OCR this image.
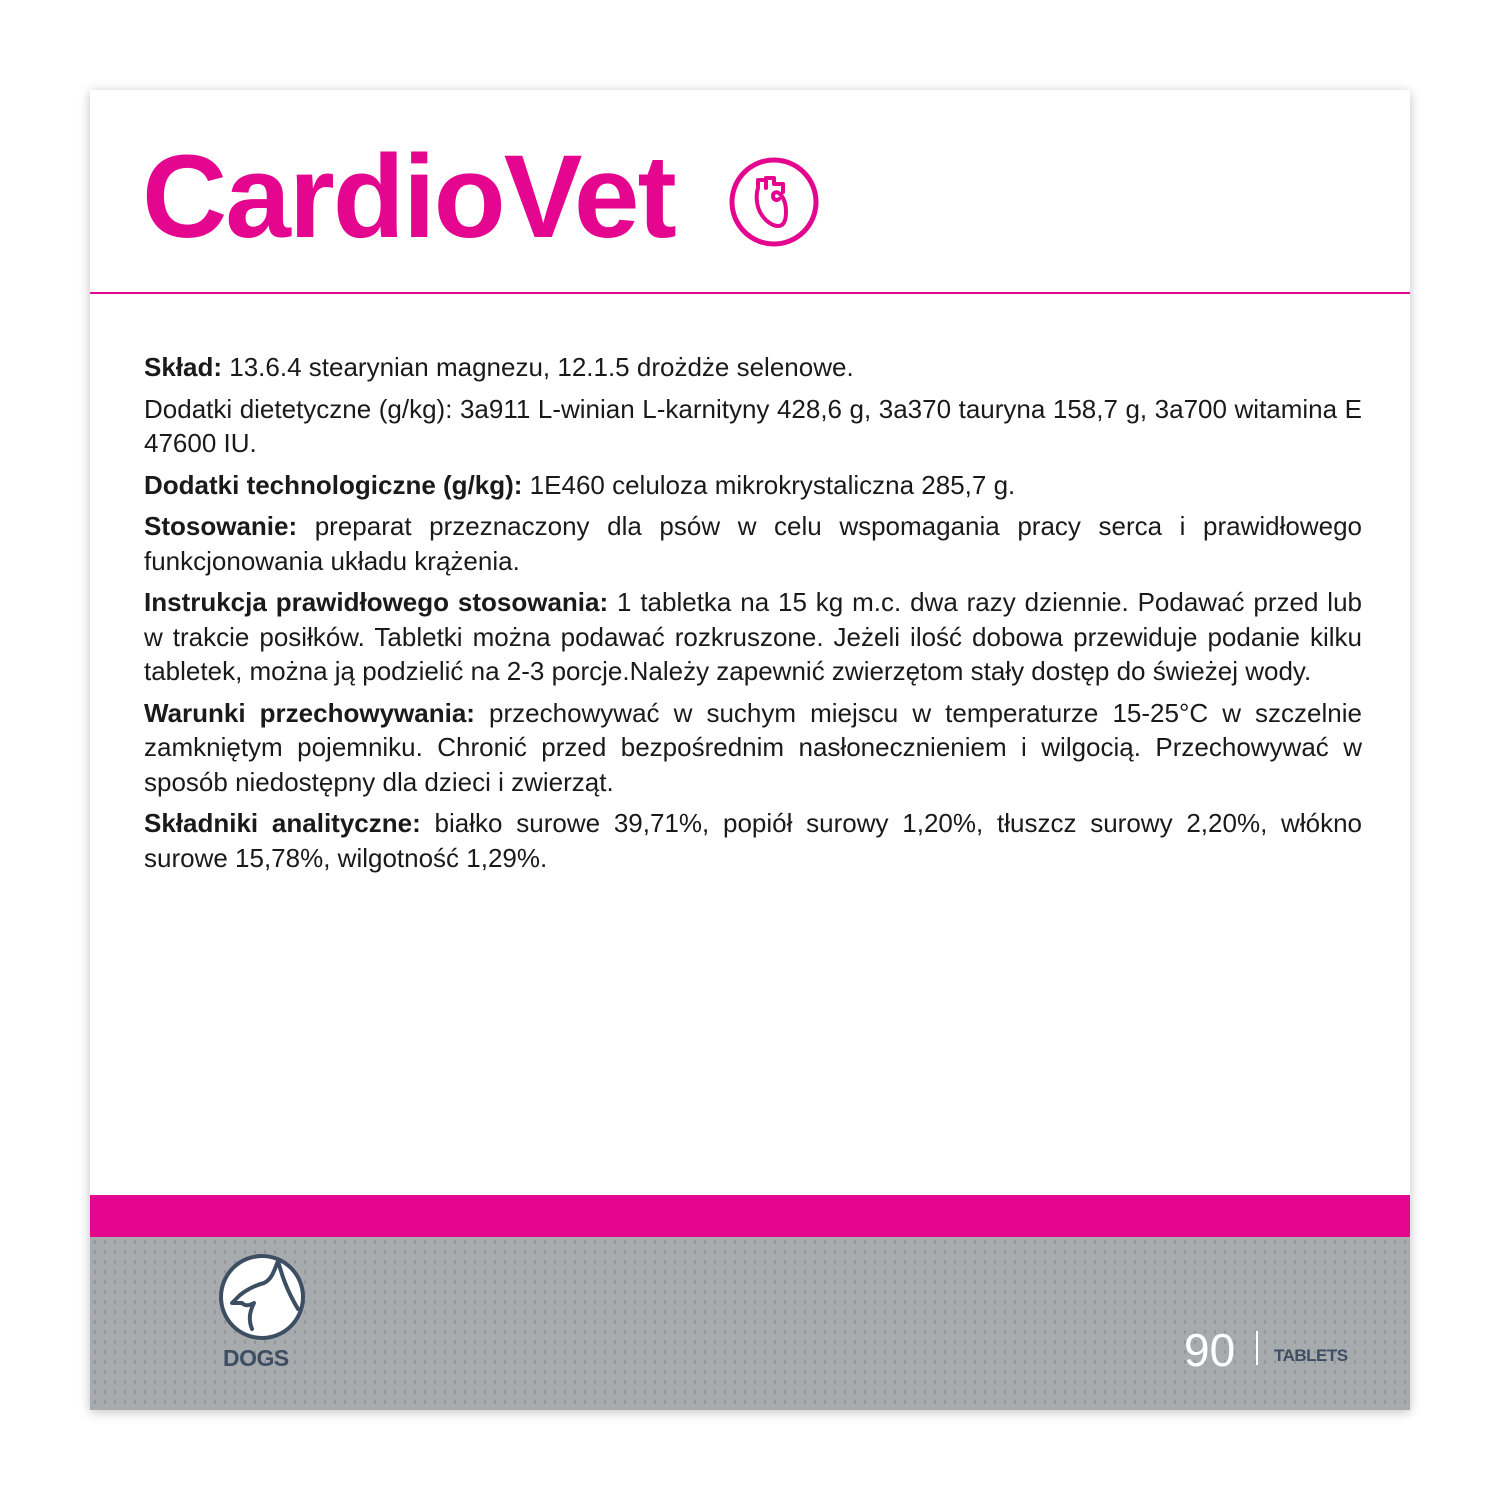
CardioVet

Skład: 13.6.4 stearynian magnezu, 12.1.5 drożdże selenowe.

Dodatki dietetyczne (g/kg): 3a911 L-winian L-karnityny 428,6 g, 3a370 tauryna 158,7 g, 3a700 witamina E 47600 IU.

Dodatki technologiczne (g/kg): 1E460 celuloza mikrokrystaliczna 285,7 g.

Stosowanie: preparat przeznaczony dla psów w celu wspomagania pracy serca i prawidłowego funkcjonowania układu krążenia.

Instrukcja prawidłowego stosowania: 1 tabletka na 15 kg m.c. dwa razy dziennie. Podawać przed lub w trakcie posiłków. Tabletki można podawać rozkruszone. Jeżeli ilość dobowa przewiduje podanie kilku tabletek, można ją podzielić na 2-3 porcje.Należy zapewnić zwierzętom stały dostęp do świeżej wody.

Warunki przechowywania: przechowywać w suchym miejscu w temperaturze 15-25°C w szczelnie zamkniętym pojemniku. Chronić przed bezpośrednim nasłonecznieniem i wilgocią. Przechowywać w sposób niedostępny dla dzieci i zwierząt.

Składniki analityczne: białko surowe 39,71%, popiół surowy 1,20%, tłuszcz surowy 2,20%, włókno surowe 15,78%, wilgotność 1,29%.

DOGS	90 TABLETS
